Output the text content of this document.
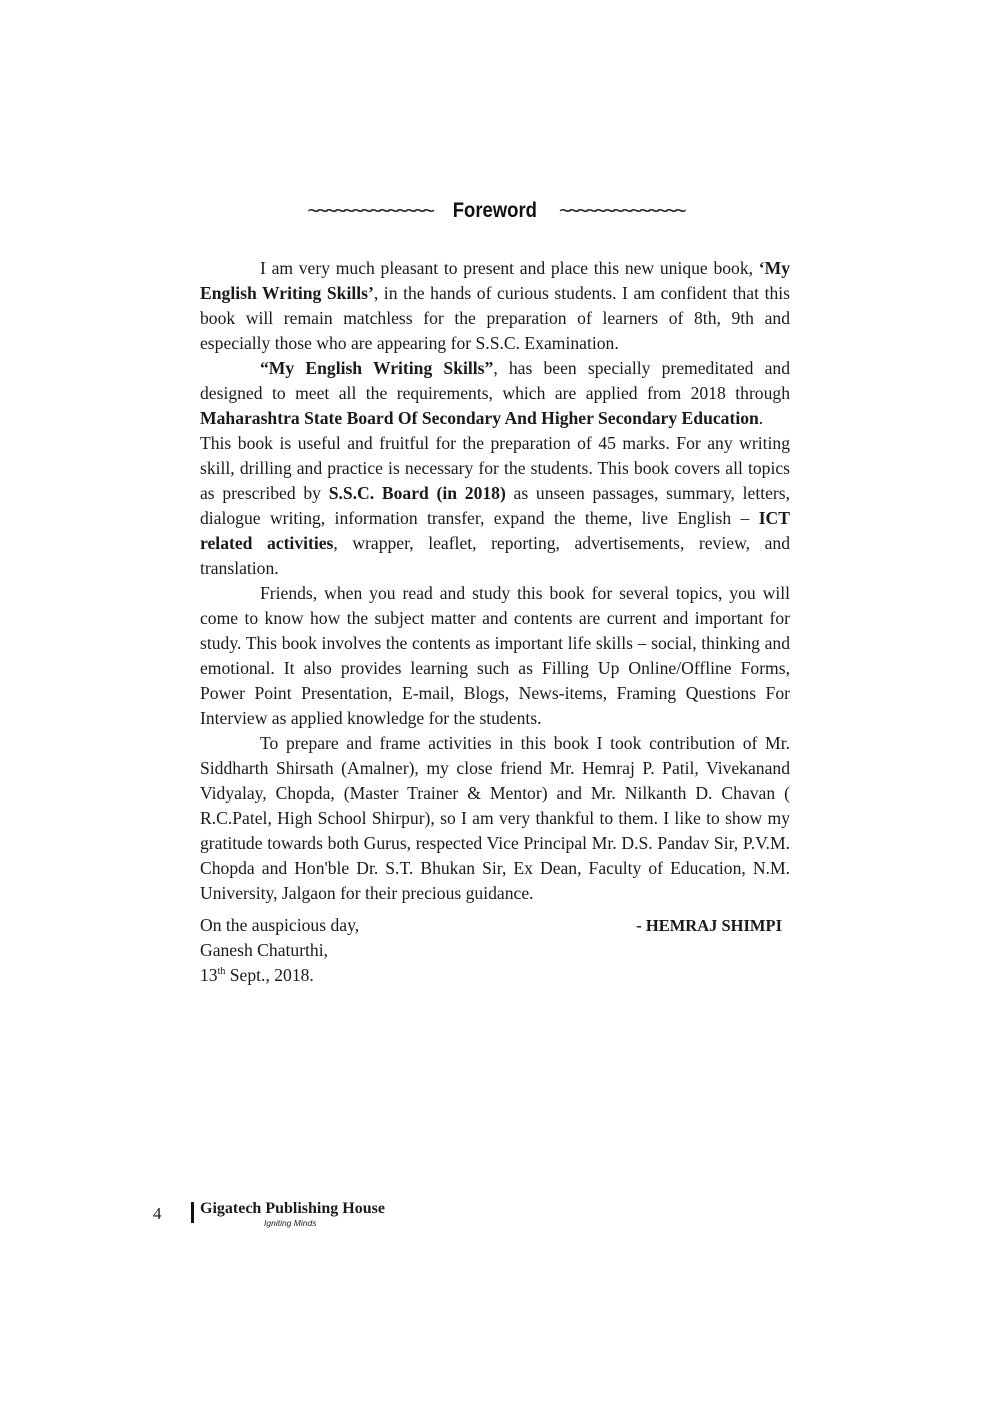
~~~~~~~~~~~~~~ Foreword ~~~~~~~~~~~~~~

I am very much pleasant to present and place this new unique book, ‘My English Writing Skills’, in the hands of curious students. I am confident that this book will remain matchless for the preparation of learners of 8th, 9th and especially those who are appearing for S.S.C. Examination.

“My English Writing Skills”, has been specially premeditated and designed to meet all the requirements, which are applied from 2018 through Maharashtra State Board Of Secondary And Higher Secondary Education.

This book is useful and fruitful for the preparation of 45 marks. For any writing skill, drilling and practice is necessary for the students. This book covers all topics as prescribed by S.S.C. Board (in 2018) as unseen passages, summary, letters, dialogue writing, information transfer, expand the theme, live English – ICT related activities, wrapper, leaflet, reporting, advertisements, review, and translation.

Friends, when you read and study this book for several topics, you will come to know how the subject matter and contents are current and important for study. This book involves the contents as important life skills – social, thinking and emotional. It also provides learning such as Filling Up Online/Offline Forms, Power Point Presentation, E-mail, Blogs, News-items, Framing Questions For Interview as applied knowledge for the students.

To prepare and frame activities in this book I took contribution of Mr. Siddharth Shirsath (Amalner), my close friend Mr. Hemraj P. Patil, Vivekanand Vidyalay, Chopda, (Master Trainer & Mentor) and Mr. Nilkanth D. Chavan ( R.C.Patel, High School Shirpur), so I am very thankful to them. I like to show my gratitude towards both Gurus, respected Vice Principal Mr. D.S. Pandav Sir, P.V.M. Chopda and Hon'ble Dr. S.T. Bhukan Sir, Ex Dean, Faculty of Education, N.M. University, Jalgaon for their precious guidance.

On the auspicious day,	- HEMRAJ SHIMPI
Ganesh Chaturthi,
13th Sept., 2018.
4 Gigatech Publishing House
Igniting Minds
